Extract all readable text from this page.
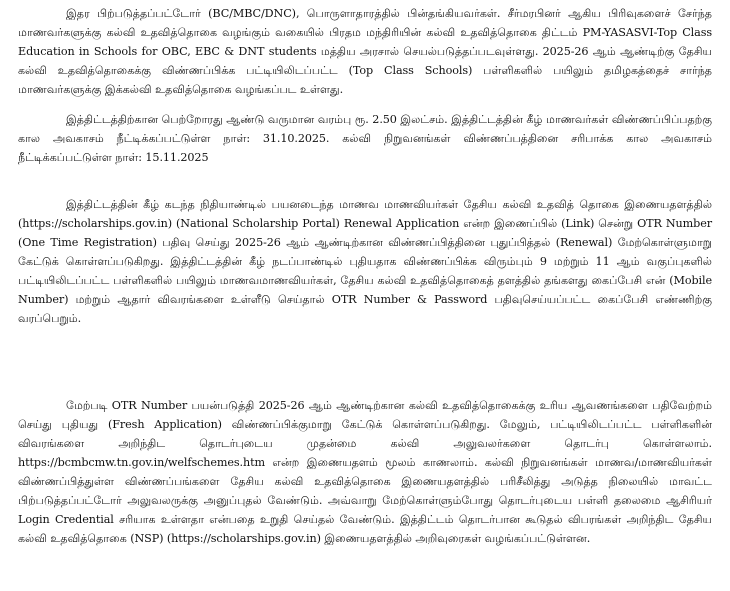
இதர பிற்படுத்தப்பட்டோர் (BC/MBC/DNC), பொருளாதாரத்தில் பின்தங்கியவர்கள். சீர்மரபினர் ஆகிய பிரிவுகளைச் சேர்ந்த மாணவர்களுக்கு கல்வி உதவித்தொகை வழங்கும் வகையில் பிரதம மந்திரியின் கல்வி உதவித்தொகை திட்டம் PM-YASASVI-Top Class Education in Schools for OBC, EBC & DNT students மத்திய அரசால் செயல்படுத்தப்படவுள்ளது. 2025-26 ஆம் ஆண்டிற்கு தேசிய கல்வி உதவித்தொகைக்கு விண்ணப்பிக்க பட்டியிலிடப்பட்ட (Top Class Schools) பள்ளிகளில் பயிலும் தமிழகத்தைச் சார்ந்த மாணவர்களுக்கு இக்கல்வி உதவித்தொகை வழங்கப்பட உள்ளது.

இத்திட்டத்திற்கான பெற்றோரது ஆண்டு வருமான வரம்பு ரூ. 2.50 இலட்சம். இத்திட்டத்தின் கீழ் மாணவர்கள் விண்ணப்பிப்பதற்கு கால அவகாசம் நீட்டிக்கப்பட்டுள்ள நாள்: 31.10.2025. கல்வி நிறுவனங்கள் விண்ணப்பத்தினை சரிபாக்க கால அவகாசம் நீட்டிக்கப்பட்டுள்ள நாள்: 15.11.2025

இத்திட்டத்தின் கீழ் கடந்த நிதியாண்டில் பயனடைந்த மாணவ மாணவியர்கள் தேசிய கல்வி உதவித் தொகை இணையதளத்தில் (https://scholarships.gov.in) (National Scholarship Portal) Renewal Application என்ற இணைப்பில் (Link) சென்று OTR Number (One Time Registration) பதிவு செய்து 2025-26 ஆம் ஆண்டிற்கான விண்ணப்பித்தினை புதுப்பித்தல் (Renewal) மேற்கொள்ளுமாறு கேட்டுக் கொள்ளப்படுகிறது. இத்திட்டத்தின் கீழ் நடப்பாண்டில் புதியதாக விண்ணப்பிக்க விரும்பும் 9 மற்றும் 11 ஆம் வகுப்புகளில் பட்டியிலிடப்பட்ட பள்ளிகளில் பயிலும் மாணவமாணவியர்கள், தேசிய கல்வி உதவித்தொகைத் தளத்தில் தங்களது கைப்பேசி என் (Mobile Number) மற்றும் ஆதார் விவரங்களை உள்ளீடு செய்தால் OTR Number & Password பதிவுசெய்யப்பட்ட கைப்பேசி எண்ணிற்கு வரப்பெறும்.

மேற்படி OTR Number பயன்படுத்தி 2025-26 ஆம் ஆண்டிற்கான கல்வி உதவித்தொகைக்கு உரிய ஆவணங்களை பதிவேற்றம் செய்து புதியது (Fresh Application) விண்ணப்பிக்குமாறு கேட்டுக் கொள்ளப்படுகிறது. மேலும், பட்டியிலிடப்பட்ட பள்ளிகளின் விவரங்களை அறிந்திட தொடர்புடைய முதன்மை கல்வி அலுவலர்களை தொடர்பு கொள்ளலாம். https://bcmbcmw.tn.gov.in/welfschemes.htm என்ற இணையதளம் மூலம் காணலாம். கல்வி நிறுவனங்கள் மாணவ/மாணவியர்கள் விண்ணப்பித்துள்ள விண்ணப்பங்களை தேசிய கல்வி உதவித்தொகை இணையதளத்தில் பரிசீலித்து அடுத்த நிலையில் மாவட்ட பிற்படுத்தப்பட்டோர் அலுவலருக்கு அனுப்புதல் வேண்டும். அவ்வாறு மேற்கொள்ளும்போது தொடர்புடைய பள்ளி தலைமை ஆசிரியர் Login Credential சரியாக உள்ளதா என்பதை உறுதி செய்தல் வேண்டும். இத்திட்டம் தொடர்பான கூடுதல் விபரங்கள் அறிந்திட தேசிய கல்வி உதவித்தொகை (NSP) (https://scholarships.gov.in) இணையதளத்தில் அறிவுரைகள் வழங்கப்பட்டுள்ளன.
